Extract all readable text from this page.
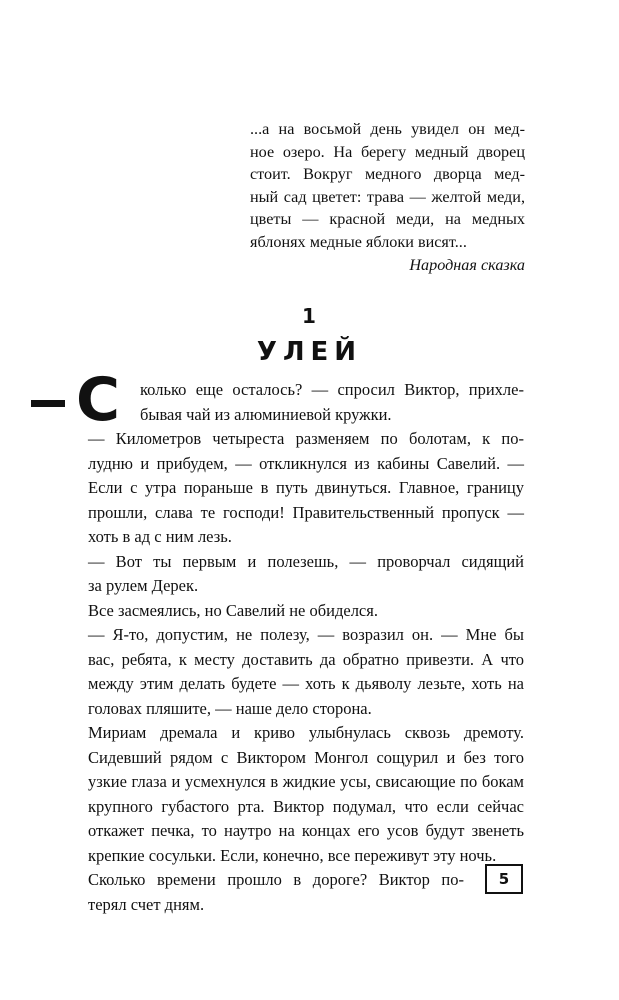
...а на восьмой день увидел он мед-
ное озеро. На берегу медный дворец
стоит. Вокруг медного дворца мед-
ный сад цветет: трава — желтой меди,
цветы — красной меди, на медных
яблонях медные яблоки висят...
Народная сказка
1
УЛЕЙ
С колько еще осталось? — спросил Виктор, прихле-
бывая чай из алюминиевой кружки.
— Километров четыреста разменяем по болотам, к по-
лудню и прибудем, — откликнулся из кабины Савелий. —
Если с утра пораньше в путь двинуться. Главное, границу
прошли, слава те господи! Правительственный пропуск —
хоть в ад с ним лезь.
— Вот ты первым и полезешь, — проворчал сидящий
за рулем Дерек.
Все засмеялись, но Савелий не обиделся.
— Я-то, допустим, не полезу, — возразил он. — Мне бы
вас, ребята, к месту доставить да обратно привезти. А что
между этим делать будете — хоть к дьяволу лезьте, хоть на
головах пляшите, — наше дело сторона.
Мириам дремала и криво улыбнулась сквозь дремоту.
Сидевший рядом с Виктором Монгол сощурил и без того
узкие глаза и усмехнулся в жидкие усы, свисающие по бокам
крупного губастого рта. Виктор подумал, что если сейчас
откажет печка, то наутро на концах его усов будут звенеть
крепкие сосульки. Если, конечно, все переживут эту ночь.
Сколько времени прошло в дороге? Виктор по-
терял счет дням.
5
